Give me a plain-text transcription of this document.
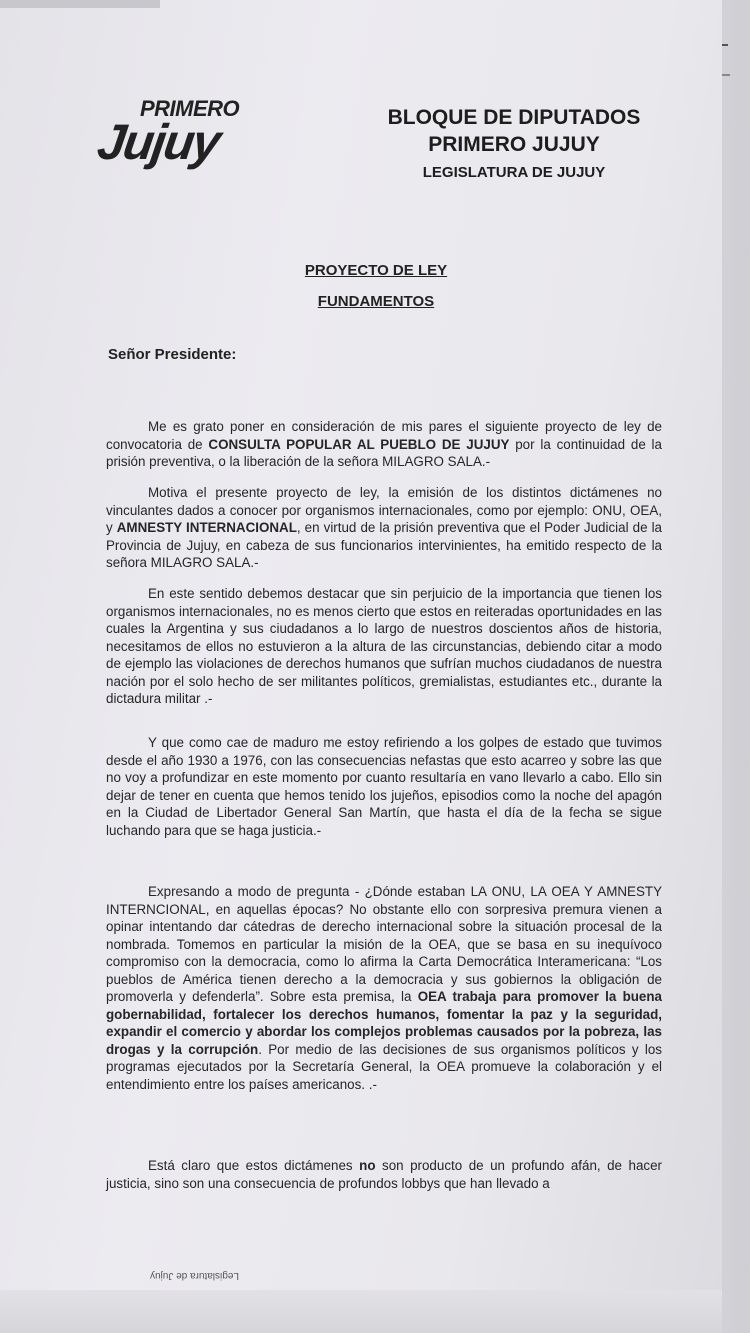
PRIMERO
Jujuy	BLOQUE DE DIPUTADOS
PRIMERO JUJUY
LEGISLATURA DE JUJUY
PROYECTO DE LEY
FUNDAMENTOS
Señor Presidente:
Me es grato poner en consideración de mis pares el siguiente proyecto de ley de convocatoria de CONSULTA POPULAR AL PUEBLO DE JUJUY por la continuidad de la prisión preventiva, o la liberación de la señora MILAGRO SALA.-
Motiva el presente proyecto de ley, la emisión de los distintos dictámenes no vinculantes dados a conocer por organismos internacionales, como por ejemplo: ONU, OEA, y AMNESTY INTERNACIONAL, en virtud de la prisión preventiva que el Poder Judicial de la Provincia de Jujuy, en cabeza de sus funcionarios intervinientes, ha emitido respecto de la señora MILAGRO SALA.-
En este sentido debemos destacar que sin perjuicio de la importancia que tienen los organismos internacionales, no es menos cierto que estos en reiteradas oportunidades en las cuales la Argentina y sus ciudadanos a lo largo de nuestros doscientos años de historia, necesitamos de ellos no estuvieron a la altura de las circunstancias, debiendo citar a modo de ejemplo las violaciones de derechos humanos que sufrían muchos ciudadanos de nuestra nación por el solo hecho de ser militantes políticos, gremialistas, estudiantes etc., durante la dictadura militar .-
Y que como cae de maduro me estoy refiriendo a los golpes de estado que tuvimos desde el año 1930 a 1976, con las consecuencias nefastas que esto acarreo y sobre las que no voy a profundizar en este momento por cuanto resultaría en vano llevarlo a cabo. Ello sin dejar de tener en cuenta que hemos tenido los jujeños, episodios como la noche del apagón en la Ciudad de Libertador General San Martín, que hasta el día de la fecha se sigue luchando para que se haga justicia.-
Expresando a modo de pregunta - ¿Dónde estaban LA ONU, LA OEA Y AMNESTY INTERNCIONAL, en aquellas épocas? No obstante ello con sorpresiva premura vienen a opinar intentando dar cátedras de derecho internacional sobre la situación procesal de la nombrada. Tomemos en particular la misión de la OEA, que se basa en su inequívoco compromiso con la democracia, como lo afirma la Carta Democrática Interamericana: “Los pueblos de América tienen derecho a la democracia y sus gobiernos la obligación de promoverla y defenderla”. Sobre esta premisa, la OEA trabaja para promover la buena gobernabilidad, fortalecer los derechos humanos, fomentar la paz y la seguridad, expandir el comercio y abordar los complejos problemas causados por la pobreza, las drogas y la corrupción. Por medio de las decisiones de sus organismos políticos y los programas ejecutados por la Secretaría General, la OEA promueve la colaboración y el entendimiento entre los países americanos. .-
Está claro que estos dictámenes no son producto de un profundo afán, de hacer justicia, sino son una consecuencia de profundos lobbys que han llevado a
Legislatura de Jujuy
